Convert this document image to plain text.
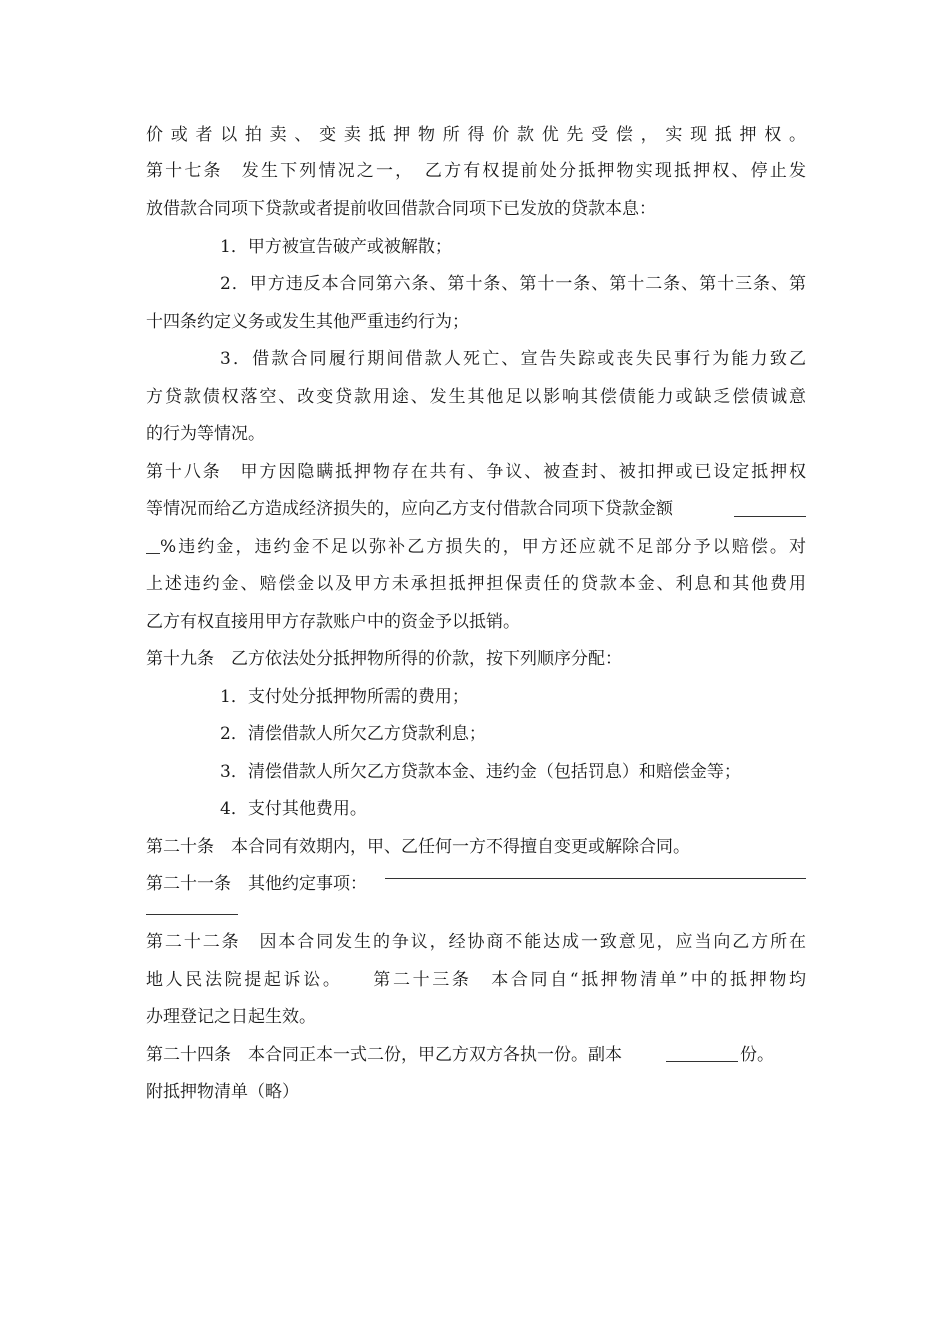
价或者以拍卖、变卖抵押物所得价款优先受偿，实现抵押权。
第十七条　发生下列情况之一，　乙方有权提前处分抵押物实现抵押权、停止发
放借款合同项下贷款或者提前收回借款合同项下已发放的贷款本息：
1．甲方被宣告破产或被解散；
2．甲方违反本合同第六条、第十条、第十一条、第十二条、第十三条、第
十四条约定义务或发生其他严重违约行为；
3．借款合同履行期间借款人死亡、宣告失踪或丧失民事行为能力致乙
方贷款债权落空、改变贷款用途、发生其他足以影响其偿债能力或缺乏偿债诚意
的行为等情况。
第十八条　甲方因隐瞒抵押物存在共有、争议、被查封、被扣押或已设定抵押权
等情况而给乙方造成经济损失的，应向乙方支付借款合同项下贷款金额
%违约金，违约金不足以弥补乙方损失的，甲方还应就不足部分予以赔偿。对
上述违约金、赔偿金以及甲方未承担抵押担保责任的贷款本金、利息和其他费用
乙方有权直接用甲方存款账户中的资金予以抵销。
第十九条　乙方依法处分抵押物所得的价款，按下列顺序分配：
1．支付处分抵押物所需的费用；
2．清偿借款人所欠乙方贷款利息；
3．清偿借款人所欠乙方贷款本金、违约金（包括罚息）和赔偿金等；
4．支付其他费用。
第二十条　本合同有效期内，甲、乙任何一方不得擅自变更或解除合同。
第二十一条　其他约定事项：
第二十二条　因本合同发生的争议，经协商不能达成一致意见，应当向乙方所在
地人民法院提起诉讼。　　第二十三条　本合同自“抵押物清单”中的抵押物均
办理登记之日起生效。
第二十四条　本合同正本一式二份，甲乙方双方各执一份。副本	份。
附抵押物清单（略）
